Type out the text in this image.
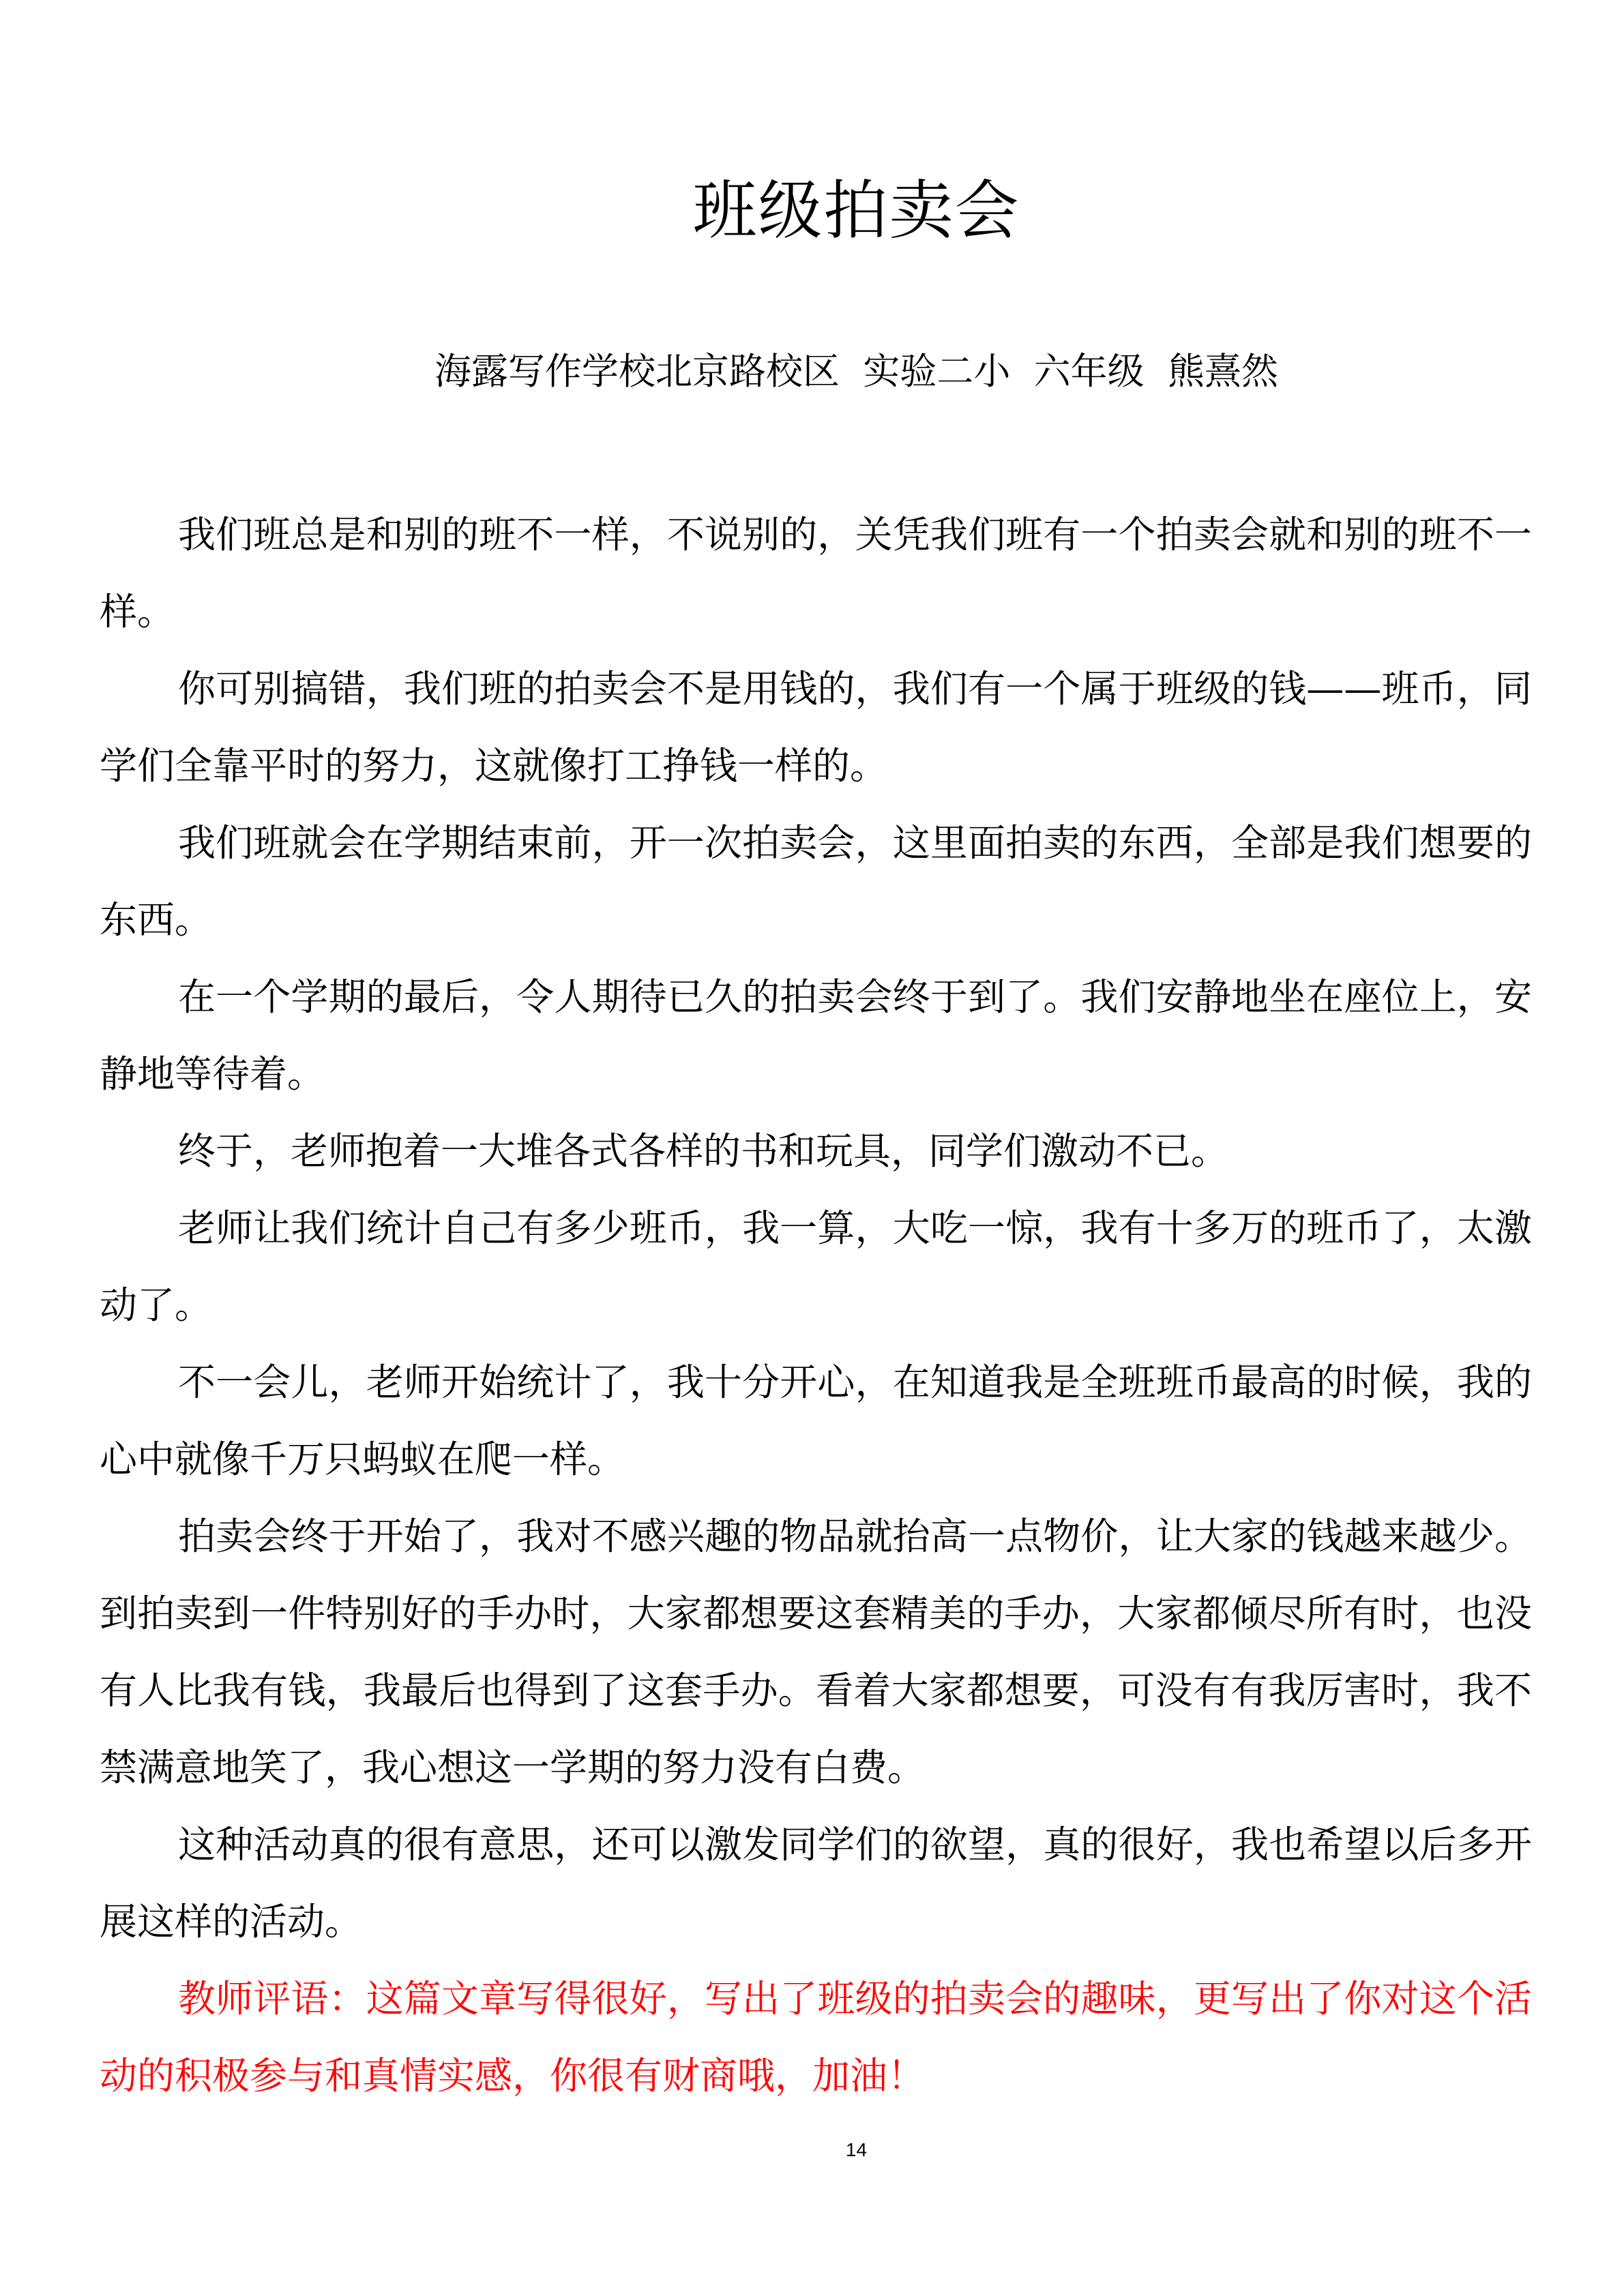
班级拍卖会
海露写作学校北京路校区  实验二小  六年级  熊熹然

我们班总是和别的班不一样，不说别的，关凭我们班有一个拍卖会就和别的班不一样。

你可别搞错，我们班的拍卖会不是用钱的，我们有一个属于班级的钱——班币，同学们全靠平时的努力，这就像打工挣钱一样的。

我们班就会在学期结束前，开一次拍卖会，这里面拍卖的东西，全部是我们想要的东西。

在一个学期的最后，令人期待已久的拍卖会终于到了。我们安静地坐在座位上，安静地等待着。

终于，老师抱着一大堆各式各样的书和玩具，同学们激动不已。

老师让我们统计自己有多少班币，我一算，大吃一惊，我有十多万的班币了，太激动了。

不一会儿，老师开始统计了，我十分开心，在知道我是全班班币最高的时候，我的心中就像千万只蚂蚁在爬一样。

拍卖会终于开始了，我对不感兴趣的物品就抬高一点物价，让大家的钱越来越少。到拍卖到一件特别好的手办时，大家都想要这套精美的手办，大家都倾尽所有时，也没有人比我有钱，我最后也得到了这套手办。看着大家都想要，可没有有我厉害时，我不禁满意地笑了，我心想这一学期的努力没有白费。

这种活动真的很有意思，还可以激发同学们的欲望，真的很好，我也希望以后多开展这样的活动。

教师评语：这篇文章写得很好，写出了班级的拍卖会的趣味，更写出了你对这个活动的积极参与和真情实感，你很有财商哦，加油！

14
